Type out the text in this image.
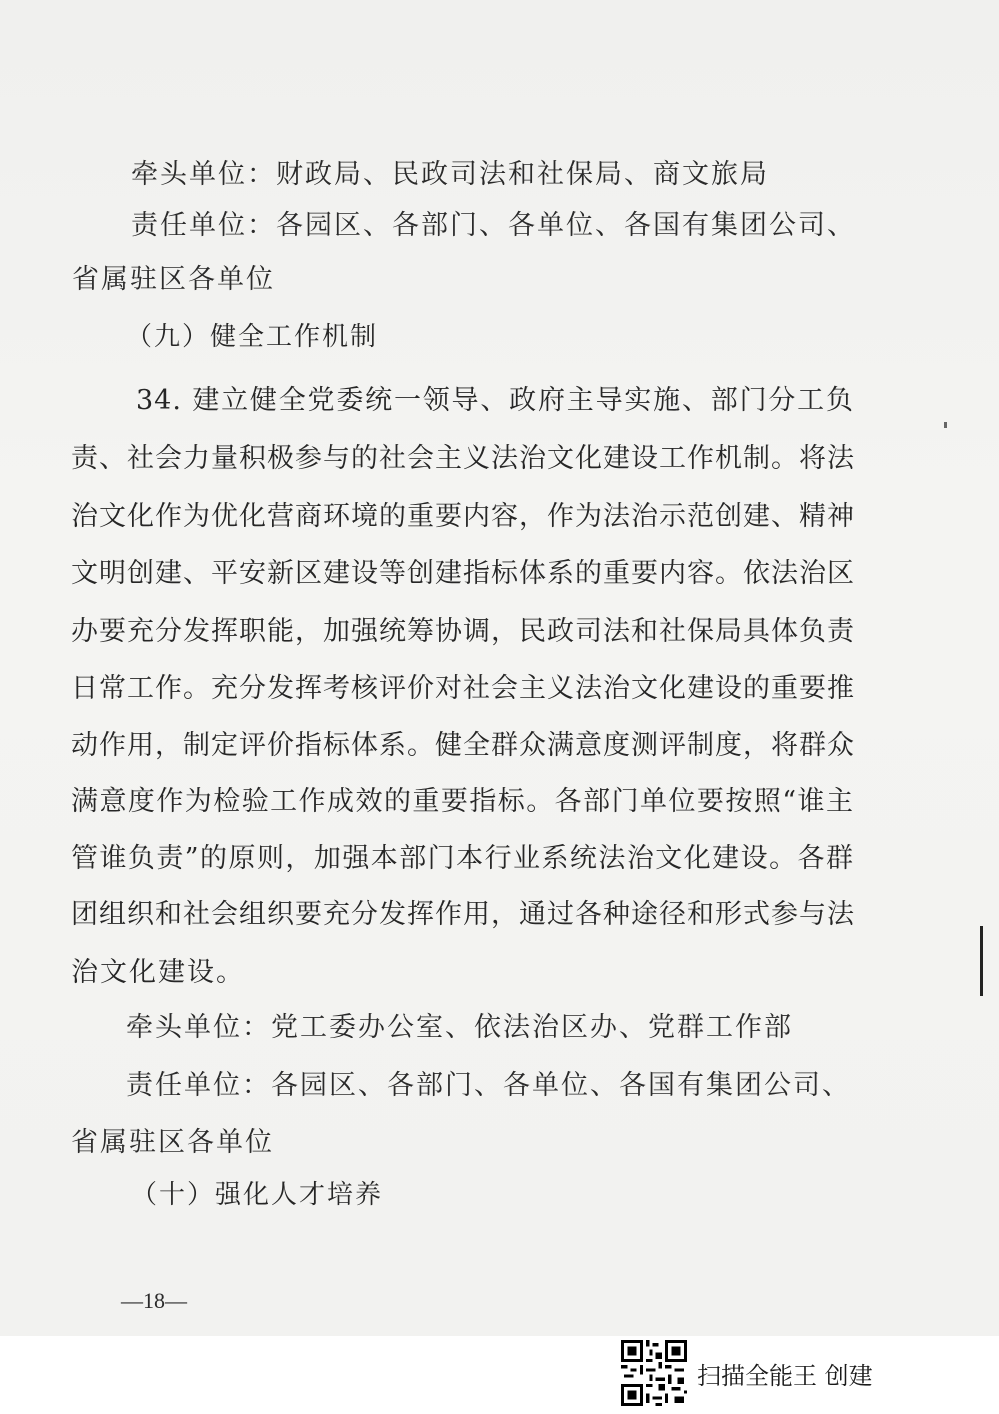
牵头单位：财政局、民政司法和社保局、商文旅局
责任单位：各园区、各部门、各单位、各国有集团公司、
省属驻区各单位
（九）健全工作机制
34. 建立健全党委统一领导、政府主导实施、部门分工负
责、社会力量积极参与的社会主义法治文化建设工作机制。将法
治文化作为优化营商环境的重要内容，作为法治示范创建、精神
文明创建、平安新区建设等创建指标体系的重要内容。依法治区
办要充分发挥职能，加强统筹协调，民政司法和社保局具体负责
日常工作。充分发挥考核评价对社会主义法治文化建设的重要推
动作用，制定评价指标体系。健全群众满意度测评制度，将群众
满意度作为检验工作成效的重要指标。各部门单位要按照“谁主
管谁负责”的原则，加强本部门本行业系统法治文化建设。各群
团组织和社会组织要充分发挥作用，通过各种途径和形式参与法
治文化建设。
牵头单位：党工委办公室、依法治区办、党群工作部
责任单位：各园区、各部门、各单位、各国有集团公司、
省属驻区各单位
（十）强化人才培养
—18—
扫描全能王 创建
